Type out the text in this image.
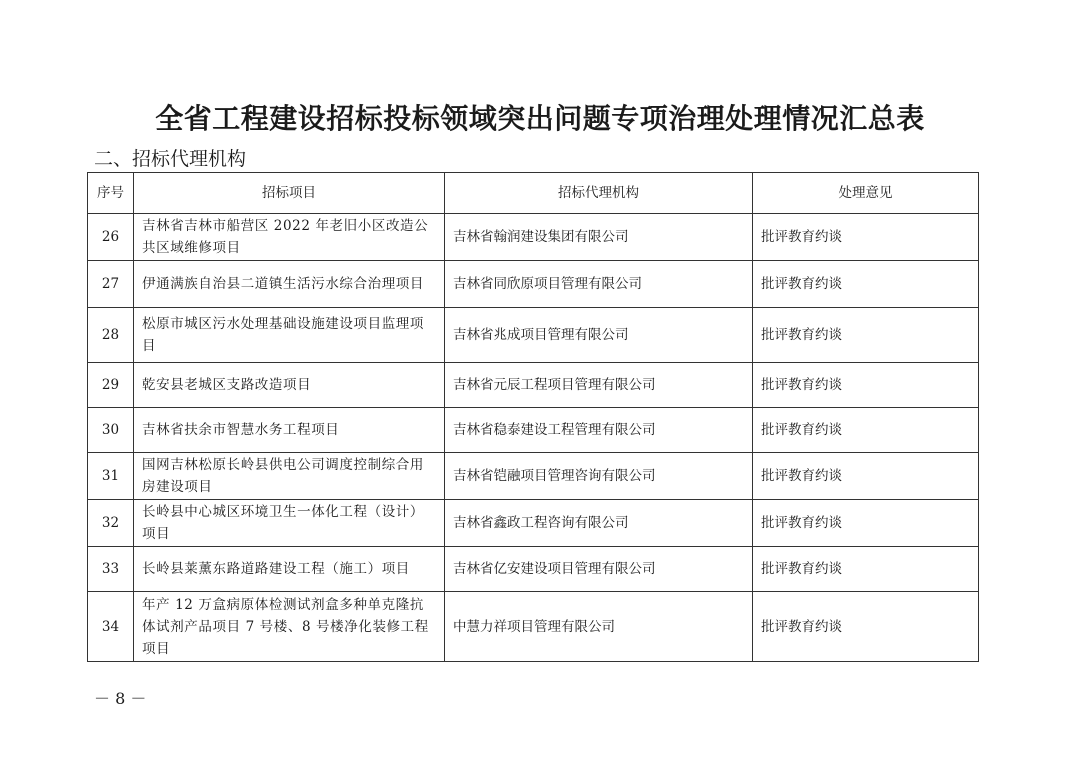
全省工程建设招标投标领域突出问题专项治理处理情况汇总表
二、招标代理机构
序号	招标项目	招标代理机构	处理意见
26	吉林省吉林市船营区 2022 年老旧小区改造公共区域维修项目	吉林省翰润建设集团有限公司	批评教育约谈
27	伊通满族自治县二道镇生活污水综合治理项目	吉林省同欣原项目管理有限公司	批评教育约谈
28	松原市城区污水处理基础设施建设项目监理项目	吉林省兆成项目管理有限公司	批评教育约谈
29	乾安县老城区支路改造项目	吉林省元辰工程项目管理有限公司	批评教育约谈
30	吉林省扶余市智慧水务工程项目	吉林省稳泰建设工程管理有限公司	批评教育约谈
31	国网吉林松原长岭县供电公司调度控制综合用房建设项目	吉林省铠融项目管理咨询有限公司	批评教育约谈
32	长岭县中心城区环境卫生一体化工程（设计）项目	吉林省鑫政工程咨询有限公司	批评教育约谈
33	长岭县莱薰东路道路建设工程（施工）项目	吉林省亿安建设项目管理有限公司	批评教育约谈
34	年产 12 万盒病原体检测试剂盒多种单克隆抗体试剂产品项目 7 号楼、8 号楼净化装修工程项目	中慧力祥项目管理有限公司	批评教育约谈
－ 8 －
